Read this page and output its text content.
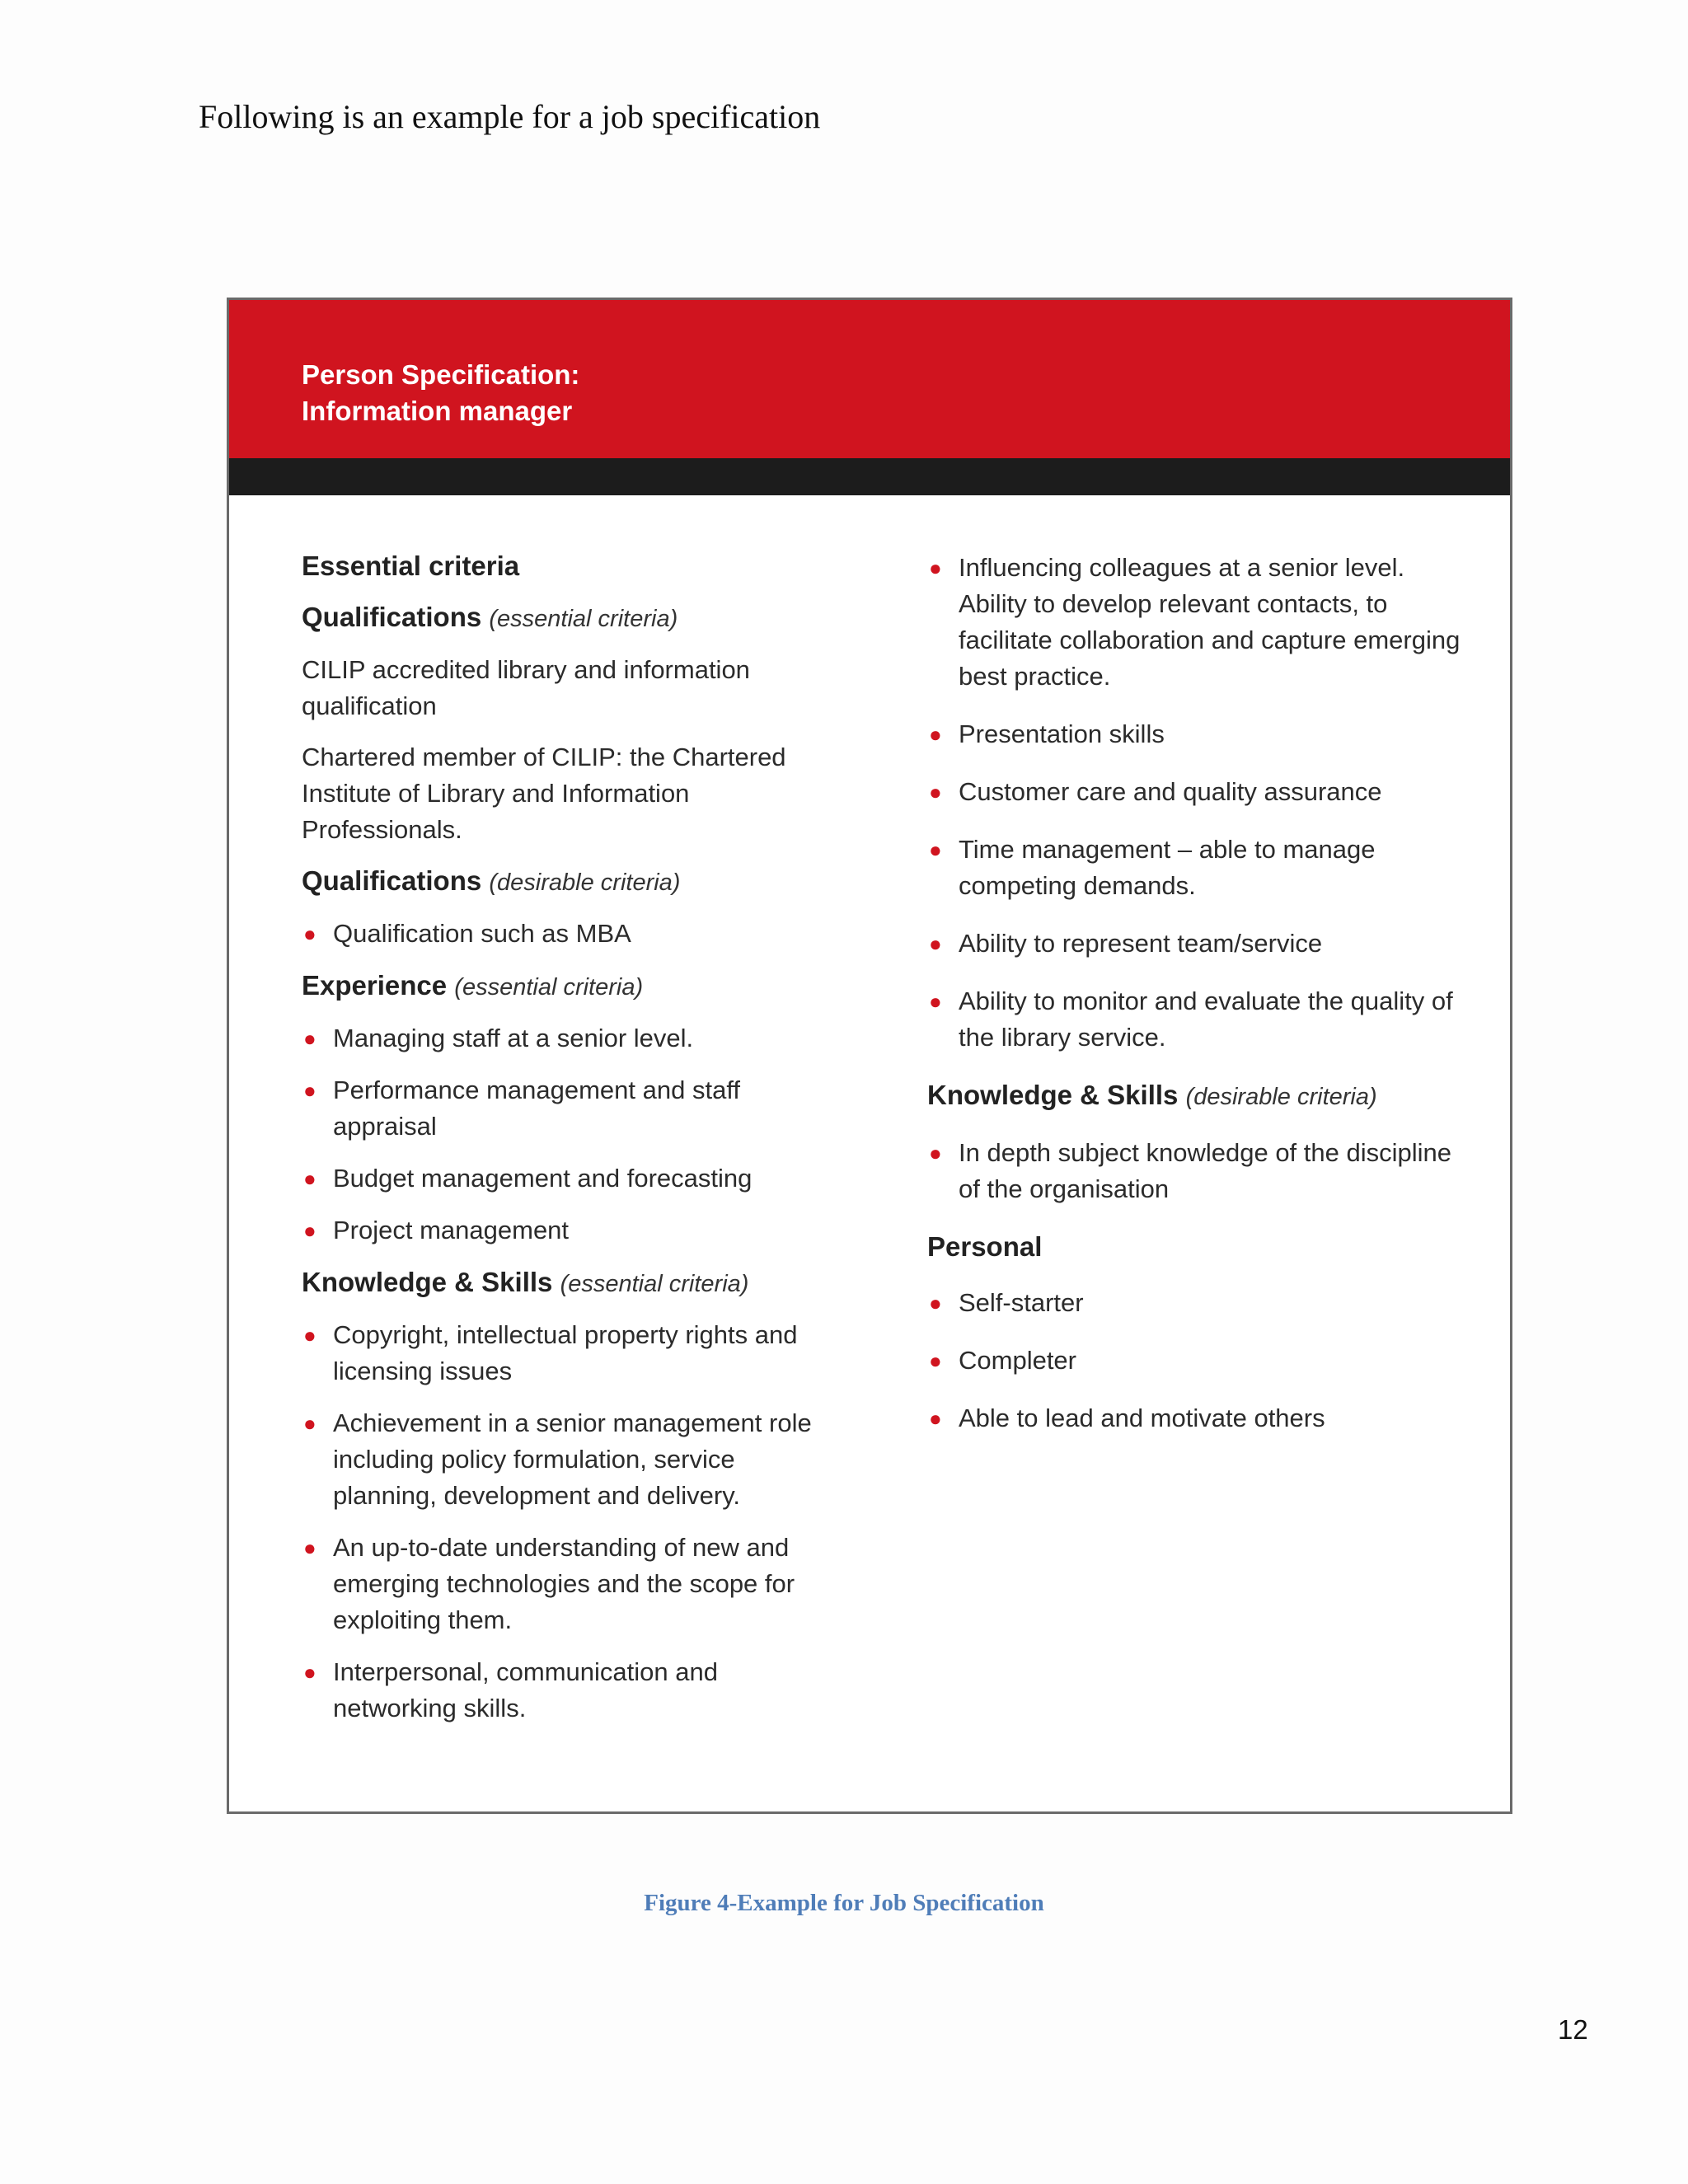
Following is an example for a job specification
Person Specification:
Information manager
Essential criteria
Qualifications (essential criteria)
CILIP accredited library and information qualification
Chartered member of CILIP: the Chartered Institute of Library and Information Professionals.
Qualifications (desirable criteria)
● Qualification such as MBA
Experience (essential criteria)
● Managing staff at a senior level.
● Performance management and staff appraisal
● Budget management and forecasting
● Project management
Knowledge & Skills (essential criteria)
● Copyright, intellectual property rights and licensing issues
● Achievement in a senior management role including policy formulation, service planning, development and delivery.
● An up-to-date understanding of new and emerging technologies and the scope for exploiting them.
● Interpersonal, communication and networking skills.
● Influencing colleagues at a senior level. Ability to develop relevant contacts, to facilitate collaboration and capture emerging best practice.
● Presentation skills
● Customer care and quality assurance
● Time management – able to manage competing demands.
● Ability to represent team/service
● Ability to monitor and evaluate the quality of the library service.
Knowledge & Skills (desirable criteria)
● In depth subject knowledge of the discipline of the organisation
Personal
● Self-starter
● Completer
● Able to lead and motivate others
Figure 4-Example for Job Specification
12
